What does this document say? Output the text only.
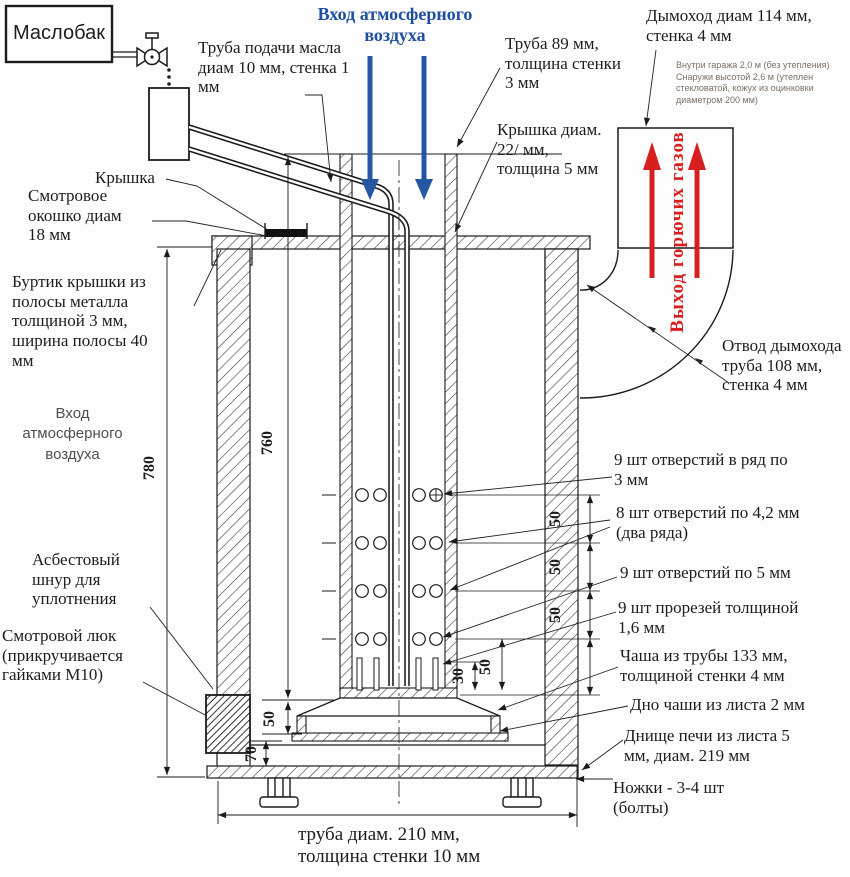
Выход горючих газов
780
760
50
50
50
30
50
50
70
Маслобак
Труба подачи масла диам 10 мм, стенка 1 мм
Вход атмосферного воздуха	Труба 89 мм, толщина стенки 3 мм
Дымоход диам 114 мм, стенка 4 мм
Внутри гаража 2,0 м (без утепления) Снаружи высотой 2,6 м (утеплен стекловатой, кожух из оцинковки диаметром 200 мм)
Крышка диам. 22/ мм, толщина 5 мм
Крышка
Смотровое окошко диам 18 мм
Буртик крышки из полосы металла толщиной 3 мм, ширина полосы 40 мм
Вход атмосферного воздуха
Асбестовый шнур для уплотнения
Смотровой люк (прикручивается гайками М10)
Отвод дымохода труба 108 мм, стенка 4 мм
9 шт отверстий в ряд по 3 мм
8 шт отверстий по 4,2 мм (два ряда)
9 шт отверстий по 5 мм
9 шт прорезей толщиной 1,6 мм
Чаша из трубы 133 мм, толщиной стенки 4 мм
Дно чаши из листа 2 мм
Днище печи из листа 5 мм, диам. 219 мм
Ножки - 3-4 шт (болты)
труба диам. 210 мм, толщина стенки 10 мм
